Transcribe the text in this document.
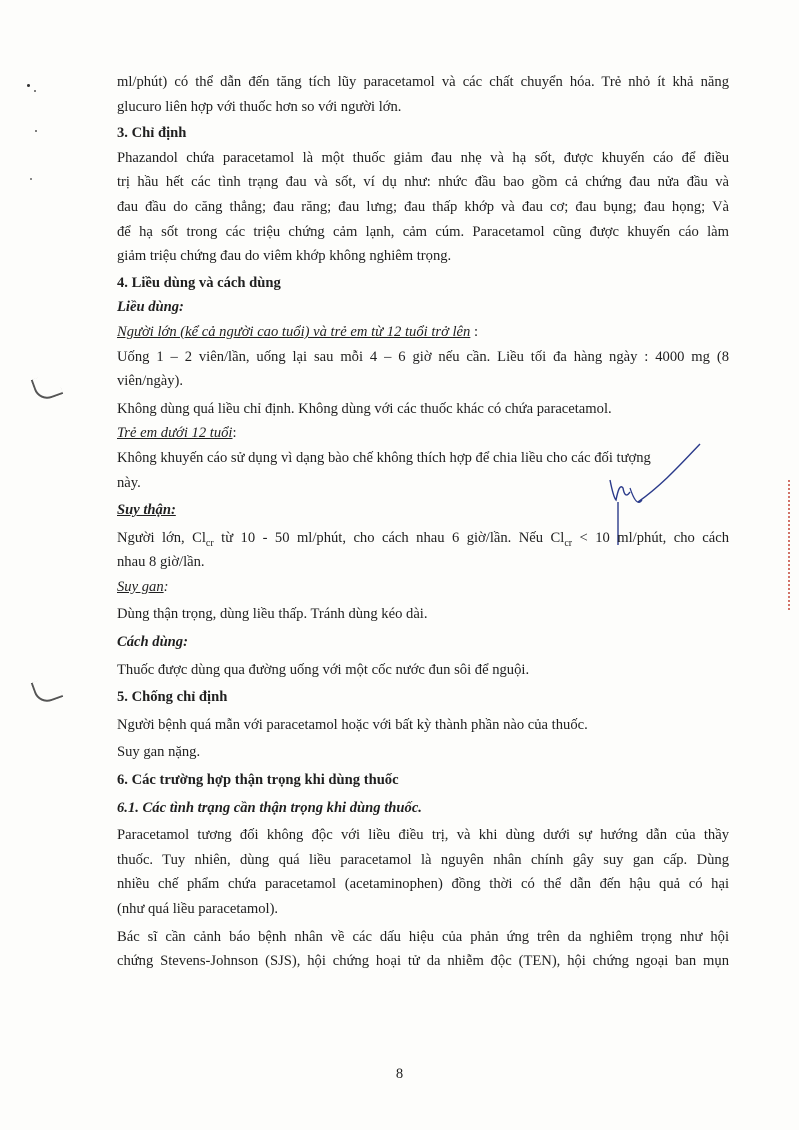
ml/phút) có thể dẫn đến tăng tích lũy paracetamol và các chất chuyển hóa. Trẻ nhỏ ít khả năng

glucuro liên hợp với thuốc hơn so với người lớn.

3. Chỉ định

Phazandol chứa paracetamol là một thuốc giảm đau nhẹ và hạ sốt, được khuyến cáo để điều

trị hầu hết các tình trạng đau và sốt, ví dụ như: nhức đầu bao gồm cả chứng đau nửa đầu và

đau đầu do căng thẳng; đau răng; đau lưng; đau thấp khớp và đau cơ; đau bụng; đau họng; Và

để hạ sốt trong các triệu chứng cảm lạnh, cảm cúm. Paracetamol cũng được khuyến cáo làm

giảm triệu chứng đau do viêm khớp không nghiêm trọng.

4. Liều dùng và cách dùng

Liều dùng:

Người lớn (kể cả người cao tuổi) và trẻ em từ 12 tuổi trở lên :

Uống 1 – 2 viên/lần, uống lại sau mỗi 4 – 6 giờ nếu cần. Liều tối đa hàng ngày : 4000 mg (8

viên/ngày).

Không dùng quá liều chỉ định. Không dùng với các thuốc khác có chứa paracetamol.

Trẻ em dưới 12 tuổi:

Không khuyến cáo sử dụng vì dạng bào chế không thích hợp để chia liều cho các đối tượng

này.

Suy thận:

Người lớn, $Cl_{cr}$ từ 10 - 50 ml/phút, cho cách nhau 6 giờ/lần. Nếu $Cl_{cr} < 10$ ml/phút, cho cách

nhau 8 giờ/lần.

Suy gan:

Dùng thận trọng, dùng liều thấp. Tránh dùng kéo dài.

Cách dùng:

Thuốc được dùng qua đường uống với một cốc nước đun sôi để nguội.

5. Chống chỉ định

Người bệnh quá mẫn với paracetamol hoặc với bất kỳ thành phần nào của thuốc.

Suy gan nặng.

6. Các trường hợp thận trọng khi dùng thuốc

6.1. Các tình trạng cần thận trọng khi dùng thuốc.

Paracetamol tương đối không độc với liều điều trị, và khi dùng dưới sự hướng dẫn của thầy

thuốc. Tuy nhiên, dùng quá liều paracetamol là nguyên nhân chính gây suy gan cấp. Dùng

nhiều chế phẩm chứa paracetamol (acetaminophen) đồng thời có thể dẫn đến hậu quả có hại

(như quá liều paracetamol).

Bác sĩ cần cảnh báo bệnh nhân về các dấu hiệu của phản ứng trên da nghiêm trọng như hội

chứng Stevens-Johnson (SJS), hội chứng hoại tử da nhiễm độc (TEN), hội chứng ngoại ban mụn

8
